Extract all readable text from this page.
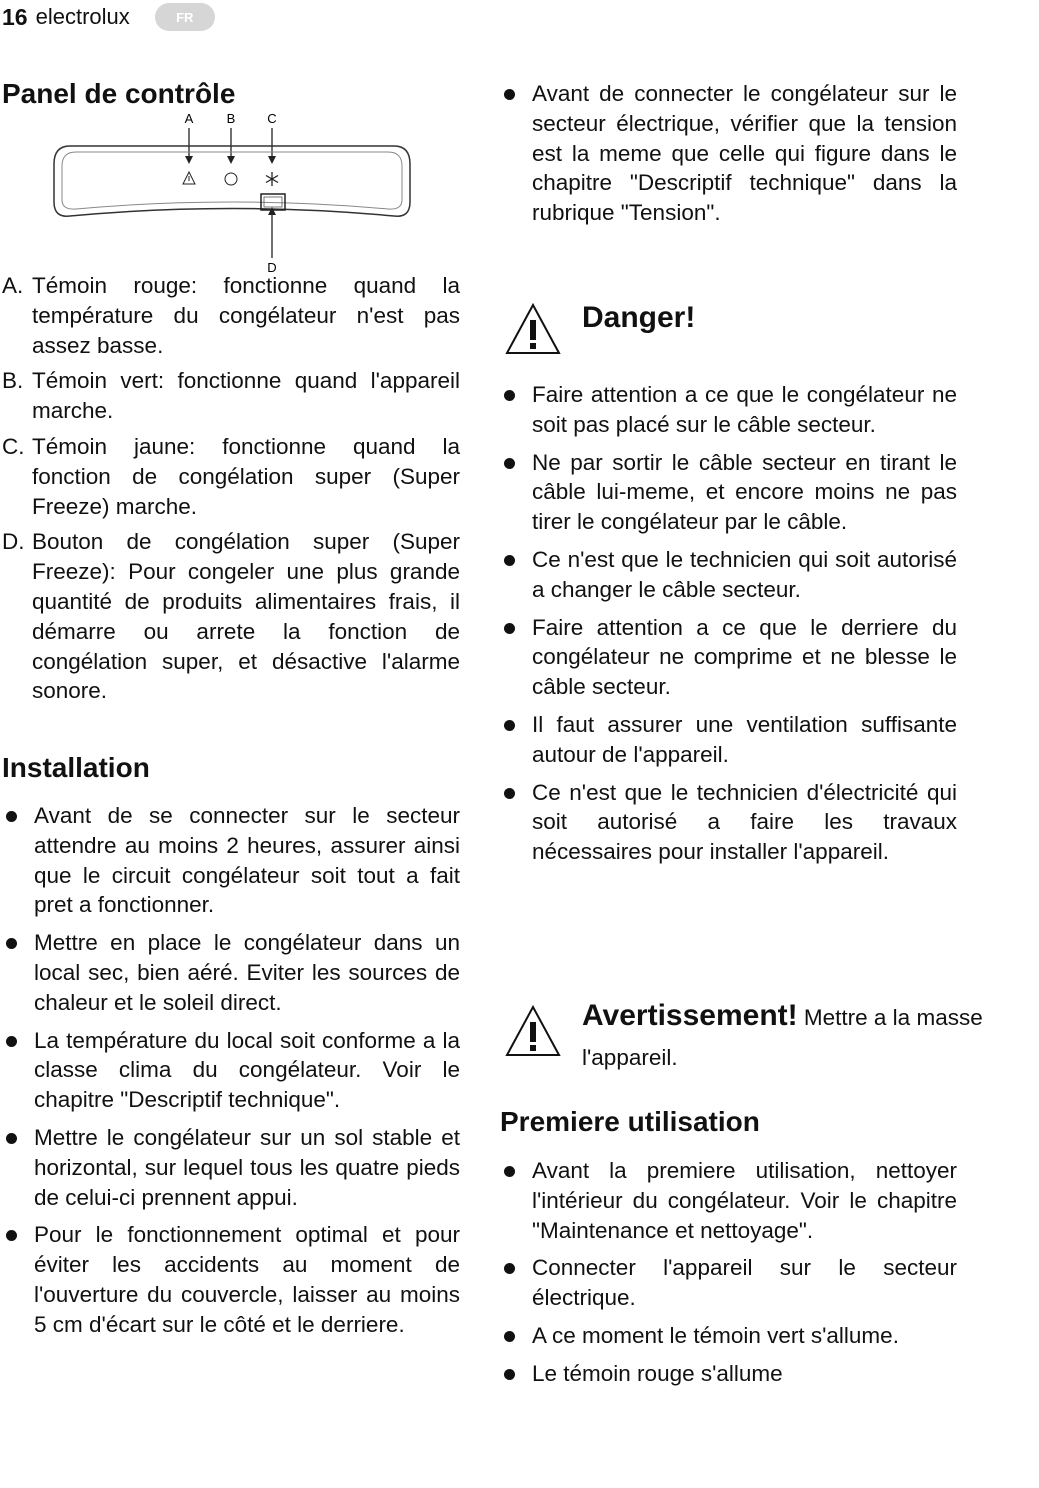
16 electrolux	FR
A	B C
D
Panel de contrôle
A. Témoin rouge: fonctionne quand la température du congélateur n'est pas assez basse.
B. Témoin vert: fonctionne quand l'appareil marche.
C. Témoin jaune: fonctionne quand la fonction de congélation super (Super Freeze) marche.
D. Bouton de congélation super (Super Freeze): Pour congeler une plus grande quantité de produits alimentaires frais, il démarre ou arrete la fonction de congélation super, et désactive l'alarme sonore.
Installation
Avant de se connecter sur le secteur attendre au moins 2 heures, assurer ainsi que le circuit congélateur soit tout a fait pret a fonctionner.
Mettre en place le congélateur dans un local sec, bien aéré. Eviter les sources de chaleur et le soleil direct.
La température du local soit conforme a la classe clima du congélateur. Voir le chapitre "Descriptif technique".
Mettre le congélateur sur un sol stable et horizontal, sur lequel tous les quatre pieds de celui-ci prennent appui.
Pour le fonctionnement optimal et pour éviter les accidents au moment de l'ouverture du couvercle, laisser au moins 5 cm d'écart sur le côté et le derriere.
Avant de connecter le congélateur sur le secteur électrique, vérifier que la tension est la meme que celle qui figure dans le chapitre "Descriptif technique" dans la rubrique "Tension".
Danger!
Faire attention a ce que le congélateur ne soit pas placé sur le câble secteur.
Ne par sortir le câble secteur en tirant le câble lui-meme, et encore moins ne pas tirer le congélateur par le câble.
Ce n'est que le technicien qui soit autorisé a changer le câble secteur.
Faire attention a ce que le derriere du congélateur ne comprime et ne blesse le câble secteur.
Il faut assurer une ventilation suffisante autour de l'appareil.
Ce n'est que le technicien d'électricité qui soit autorisé a faire les travaux nécessaires pour installer l'appareil.
Avertissement! Mettre a la masse l'appareil.
Premiere utilisation
Avant la premiere utilisation, nettoyer l'intérieur du congélateur. Voir le chapitre "Maintenance et nettoyage".
Connecter l'appareil sur le secteur électrique.
A ce moment le témoin vert s'allume.
Le témoin rouge s'allume
